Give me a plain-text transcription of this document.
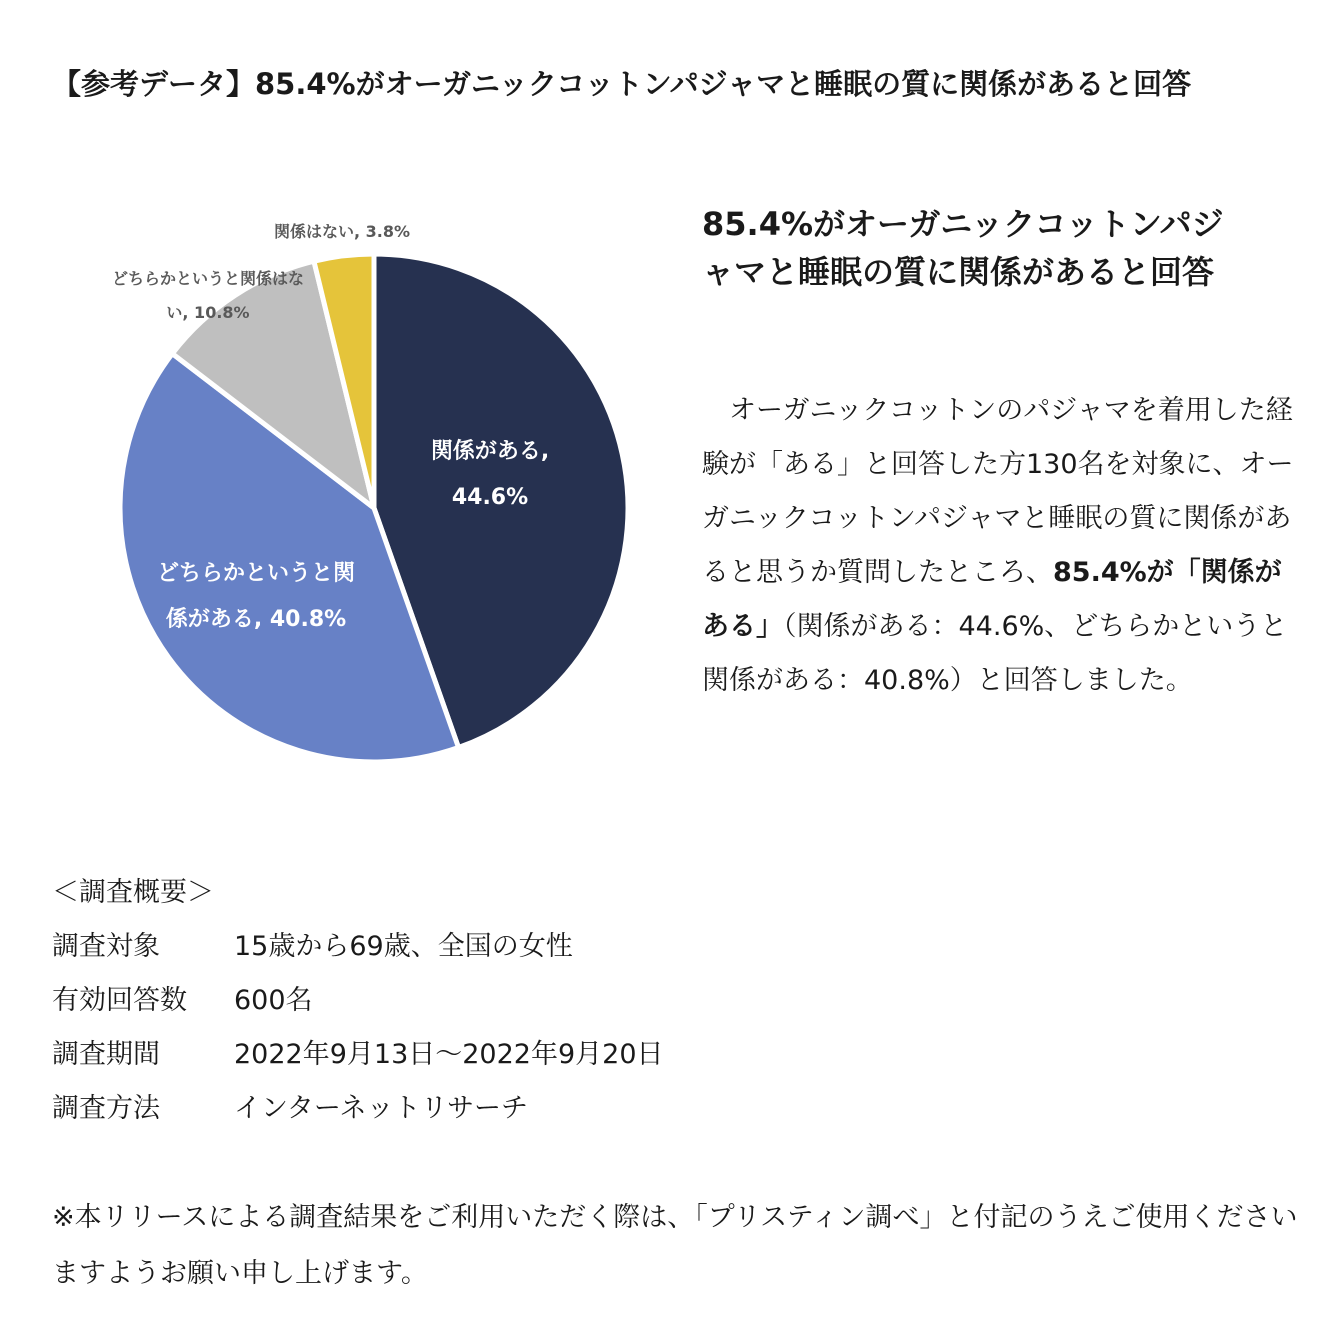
【参考データ】85.4%がオーガニックコットンパジャマと睡眠の質に関係があると回答
関係がある, 44.6%
どちらかというと関係がある, 40.8%
どちらかというと関係はない, 10.8%
関係はない, 3.8%	85.4%がオーガニックコットンパジ
ャマと睡眠の質に関係があると回答
オーガニックコットンのパジャマを着用した経験が「ある」と回答した方130名を対象に、オーガニックコットンパジャマと睡眠の質に関係があると思うか質問したところ、85.4%が「関係がある」（関係がある：44.6%、どちらかというと関係がある：40.8%）と回答しました。
＜調査概要＞
調査対象	15歳から69歳、全国の女性
有効回答数	600名
調査期間	2022年9月13日〜2022年9月20日
調査方法	インターネットリサーチ
※本リリースによる調査結果をご利用いただく際は、「プリスティン調べ」と付記のうえご使用くださいますようお願い申し上げます。
